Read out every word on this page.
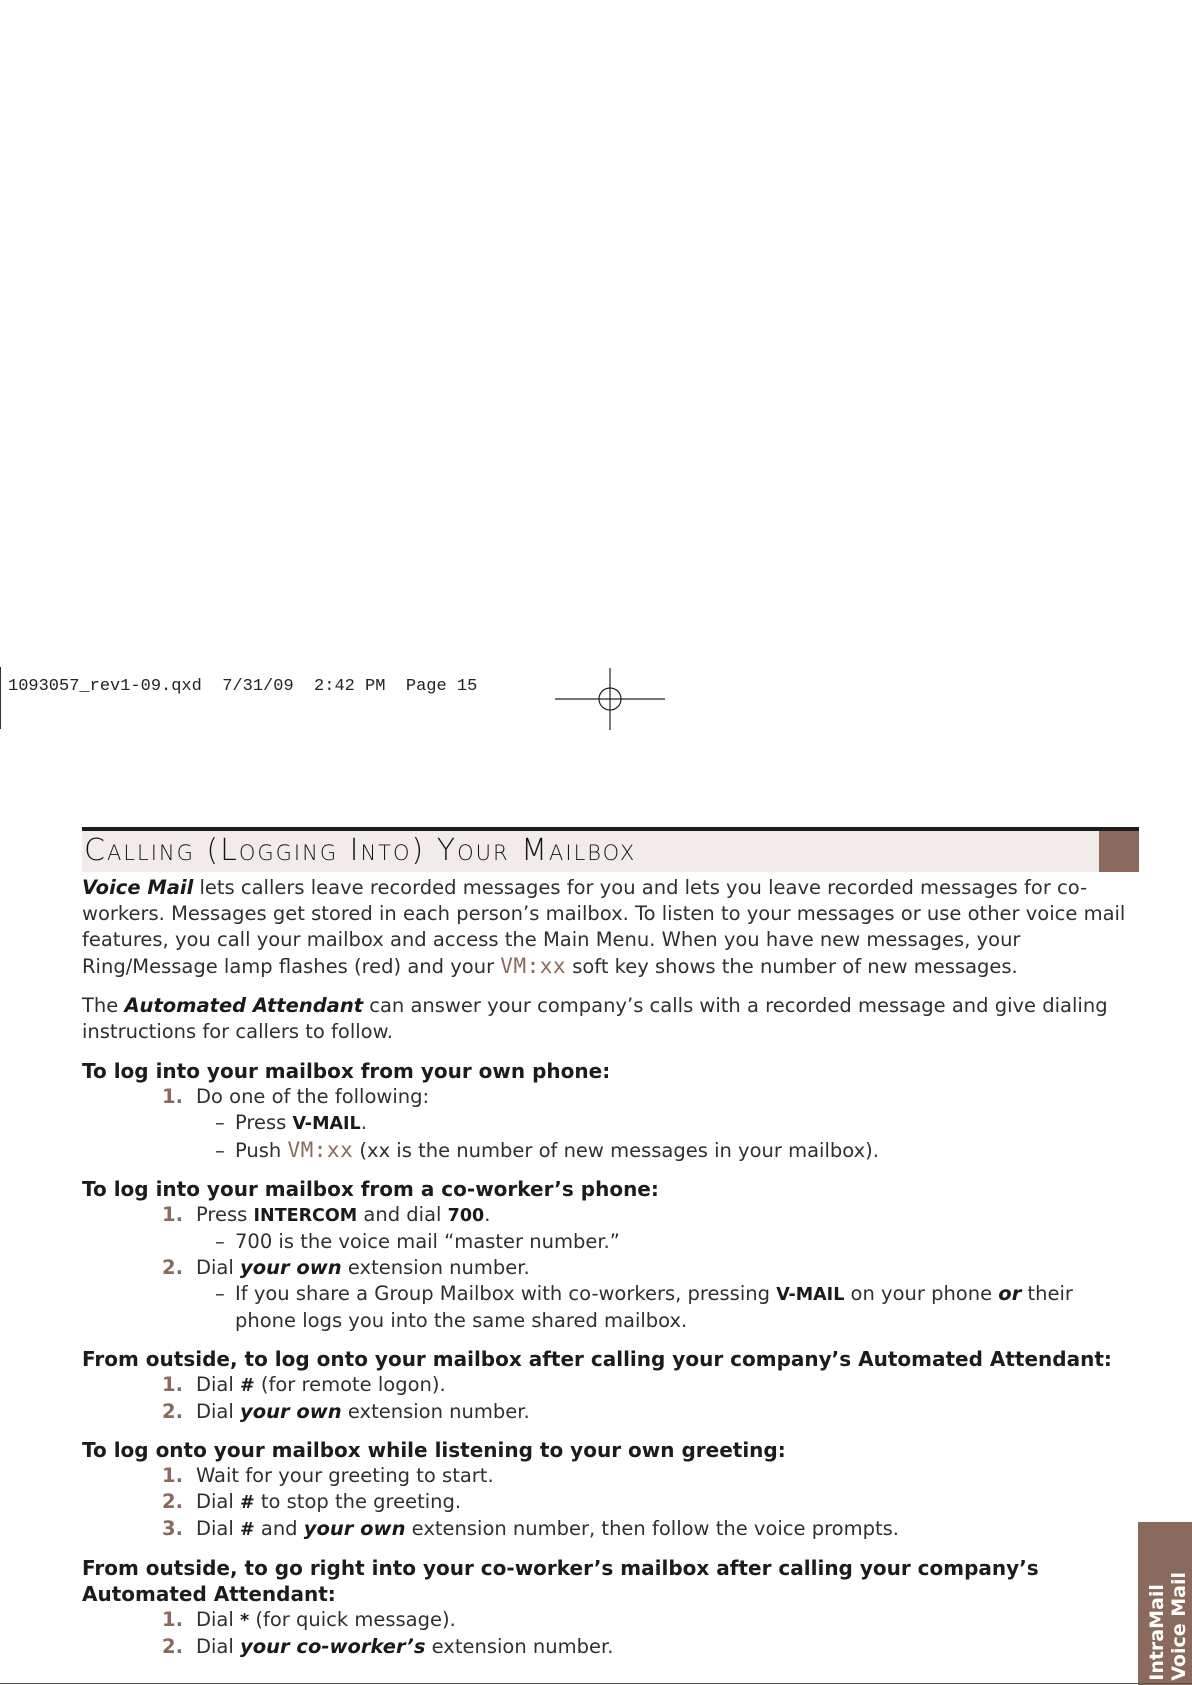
1093057_rev1-09.qxd  7/31/09  2:42 PM  Page 15
Calling (Logging Into) Your Mailbox

Voice Mail lets callers leave recorded messages for you and lets you leave recorded messages for co-workers. Messages get stored in each person’s mailbox. To listen to your messages or use other voice mail features, you call your mailbox and access the Main Menu. When you have new messages, your Ring/Message lamp flashes (red) and your VM:xx soft key shows the number of new messages.

The Automated Attendant can answer your company’s calls with a recorded message and give dialing instructions for callers to follow.

To log into your mailbox from your own phone:
1. Do one of the following:
– Press V-MAIL.
– Push VM:xx (xx is the number of new messages in your mailbox).
To log into your mailbox from a co-worker’s phone:
1. Press INTERCOM and dial 700.
– 700 is the voice mail “master number.”
2. Dial your own extension number.
– If you share a Group Mailbox with co-workers, pressing V-MAIL on your phone or their phone logs you into the same shared mailbox.
From outside, to log onto your mailbox after calling your company’s Automated Attendant:
1. Dial # (for remote logon).
2. Dial your own extension number.
To log onto your mailbox while listening to your own greeting:
1. Wait for your greeting to start.
2. Dial # to stop the greeting.
3. Dial # and your own extension number, then follow the voice prompts.
From outside, to go right into your co-worker’s mailbox after calling your company’s Automated Attendant:
1. Dial * (for quick message).
2. Dial your co-worker’s extension number.	IntraMail
Voice Mail
